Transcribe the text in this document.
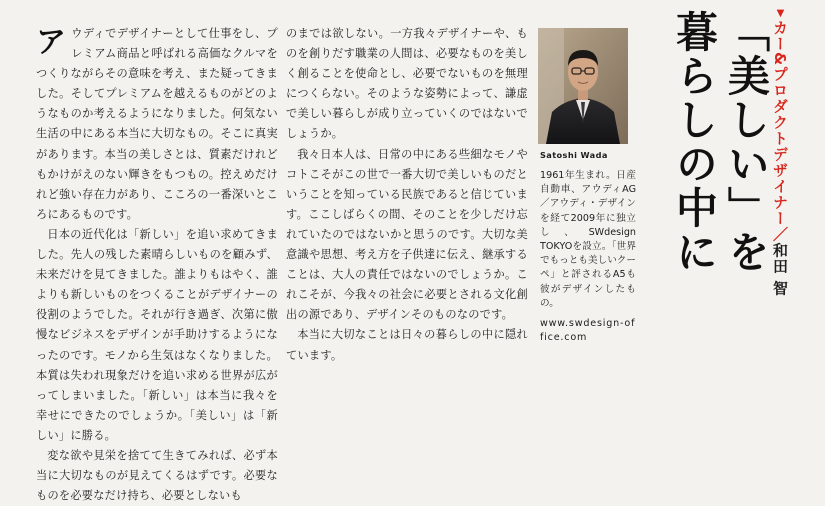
アウディでデザイナーとして仕事をし、プレミアム商品と呼ばれる高価なクルマをつくりながらその意味を考え、また疑ってきました。そしてプレミアムを越えるものがどのようなものか考えるようになりました。何気ない生活の中にある本当に大切なもの。そこに真実があります。本当の美しさとは、質素だけれどもかけがえのない輝きをもつもの。控えめだけれど強い存在力があり、こころの一番深いところにあるものです。

日本の近代化は「新しい」を追い求めてきました。先人の残した素晴らしいものを顧みず、未来だけを見てきました。誰よりもはやく、誰よりも新しいものをつくることがデザイナーの役割のようでした。それが行き過ぎ、次第に傲慢なビジネスをデザインが手助けするようになったのです。モノから生気はなくなりました。本質は失われ現象だけを追い求める世界が広がってしまいました。「新しい」は本当に我々を幸せにできたのでしょうか。「美しい」は「新しい」に勝る。

変な欲や見栄を捨てて生きてみれば、必ず本当に大切なものが見えてくるはずです。必要なものを必要なだけ持ち、必要としないも

のまでは欲しない。一方我々デザイナーや、ものを創りだす職業の人間は、必要なものを美しく創ることを使命とし、必要でないものを無理につくらない。そのような姿勢によって、謙虚で美しい暮らしが成り立っていくのではないでしょうか。

我々日本人は、日常の中にある些細なモノやコトこそがこの世で一番大切で美しいものだということを知っている民族であると信じています。ここしばらくの間、そのことを少しだけ忘れていたのではないかと思うのです。大切な美意識や思想、考え方を子供達に伝え、継承することは、大人の責任ではないのでしょうか。これこそが、今我々の社会に必要とされる文化創出の源であり、デザインそのものなのです。

本当に大切なことは日々の暮らしの中に隠れています。

Satoshi Wada

1961年生まれ。日産自動車、アウディAG／アウディ・デザインを経て2009年に独立し、SWdesign TOKYOを設立。「世界でもっとも美しいクーペ」と評されるA5も彼がデザインしたもの。

www.swdesign-office.com

「美しい」を
暮らしの中に	▼カー&プロダクトデザイナー／和田 智
